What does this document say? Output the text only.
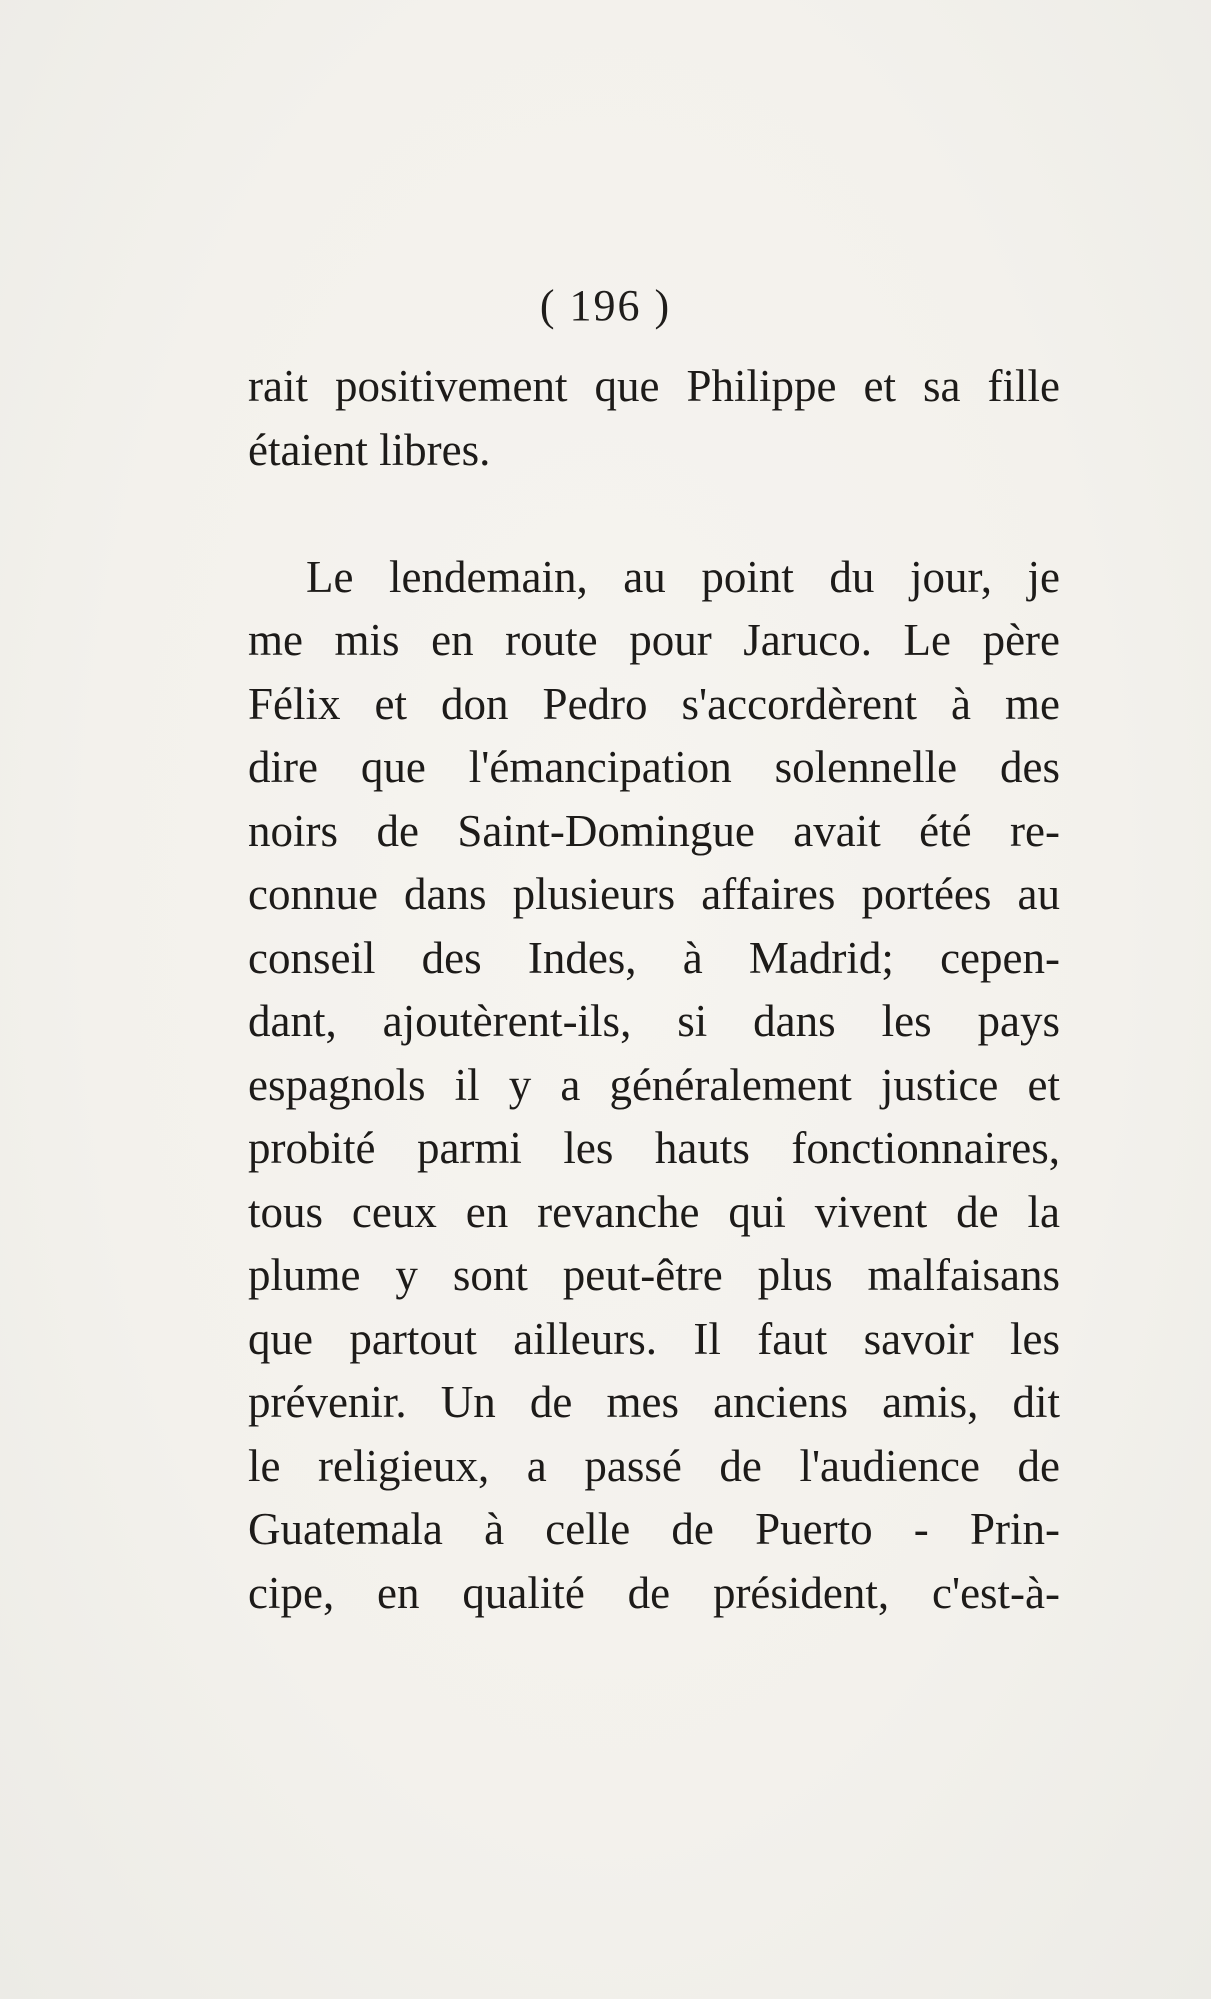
( 196 )
rait positivement que Philippe et sa fille
étaient libres.
Le lendemain, au point du jour, je
me mis en route pour Jaruco. Le père
Félix et don Pedro s'accordèrent à me
dire que l'émancipation solennelle des
noirs de Saint-Domingue avait été re-
connue dans plusieurs affaires portées au
conseil des Indes, à Madrid; cepen-
dant, ajoutèrent-ils, si dans les pays
espagnols il y a généralement justice et
probité parmi les hauts fonctionnaires,
tous ceux en revanche qui vivent de la
plume y sont peut-être plus malfaisans
que partout ailleurs. Il faut savoir les
prévenir. Un de mes anciens amis, dit
le religieux, a passé de l'audience de
Guatemala à celle de Puerto - Prin-
cipe, en qualité de président, c'est-à-
